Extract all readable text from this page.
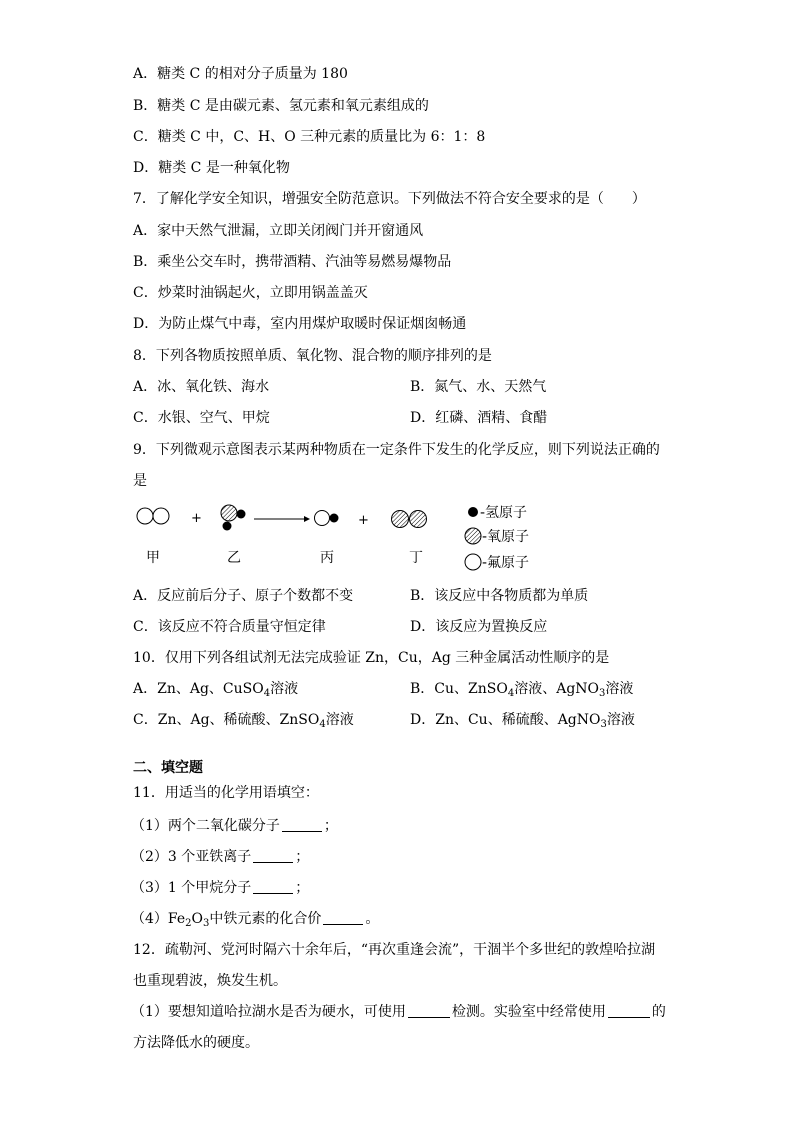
A．糖类 C 的相对分子质量为 180
B．糖类 C 是由碳元素、氢元素和氧元素组成的
C．糖类 C 中，C、H、O 三种元素的质量比为 6：1：8
D．糖类 C 是一种氧化物
7．了解化学安全知识，增强安全防范意识。下列做法不符合安全要求的是（　　）
A．家中天然气泄漏，立即关闭阀门并开窗通风
B．乘坐公交车时，携带酒精、汽油等易燃易爆物品
C．炒菜时油锅起火，立即用锅盖盖灭
D．为防止煤气中毒，室内用煤炉取暖时保证烟囱畅通
8．下列各物质按照单质、氧化物、混合物的顺序排列的是
A．冰、氧化铁、海水	B．氮气、水、天然气
C．水银、空气、甲烷	D．红磷、酒精、食醋
9．下列微观示意图表示某两种物质在一定条件下发生的化学反应，则下列说法正确的
是
+	+	-氢原子
-氧原子
-氟原子
甲	乙	丙	丁
A．反应前后分子、原子个数都不变	B．该反应中各物质都为单质
C．该反应不符合质量守恒定律	D．该反应为置换反应
10．仅用下列各组试剂无法完成验证 Zn，Cu，Ag 三种金属活动性顺序的是
A．Zn、Ag、CuSO$_4$溶液	B．Cu、ZnSO$_4$溶液、AgNO$_3$溶液
C．Zn、Ag、稀硫酸、ZnSO$_4$溶液	D．Zn、Cu、稀硫酸、AgNO$_3$溶液
二、填空题
11．用适当的化学用语填空：
（1）两个二氧化碳分子	；
（2）3 个亚铁离子	；
（3）1 个甲烷分子	；
$(4)Fe_2O_3$中铁元素的化合价	。
12．疏勒河、党河时隔六十余年后，“再次重逢会流”，干涸半个多世纪的敦煌哈拉湖
也重现碧波，焕发生机。
（1）要想知道哈拉湖水是否为硬水，可使用	检测。实验室中经常使用	的
方法降低水的硬度。
